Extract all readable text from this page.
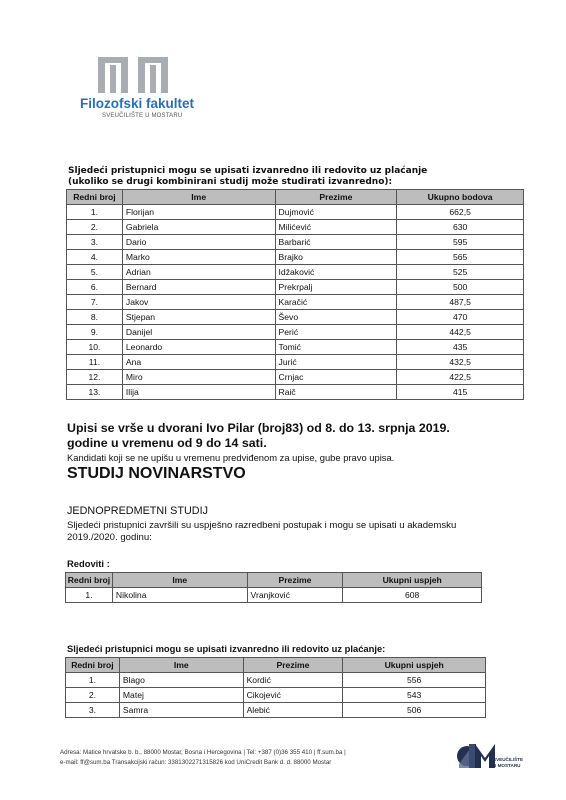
Filozofski fakultet
SVEUČILIŠTE U MOSTARU
Sljedeći pristupnici mogu se upisati izvanredno ili redovito uz plaćanje (ukoliko se drugi kombinirani studij može studirati izvanredno):
Redni broj	Ime	Prezime	Ukupno bodova
1.	Florijan	Dujmović	662,5
2.	Gabriela	Milićević	630
3.	Dario	Barbarić	595
4.	Marko	Brajko	565
5.	Adrian	Idžaković	525
6.	Bernard	Prekrpalj	500
7.	Jakov	Karačić	487,5
8.	Stjepan	Ševo	470
9.	Danijel	Perić	442,5
10.	Leonardo	Tomić	435
11.	Ana	Jurić	432,5
12.	Miro	Crnjac	422,5
13.	Ilija	Raič	415
Upisi se vrše u dvorani Ivo Pilar (broj83) od 8. do 13. srpnja 2019. godine u vremenu od 9 do 14 sati.
Kandidati koji se ne upišu u vremenu predviđenom za upise, gube pravo upisa.
STUDIJ NOVINARSTVO
JEDNOPREDMETNI STUDIJ
Sljedeći pristupnici završili su uspješno razredbeni postupak i mogu se upisati u akademsku 2019./2020. godinu:
Redoviti :
Redni broj	Ime	Prezime	Ukupni uspjeh
1.	Nikolina	Vranjković	608
Sljedeći pristupnici mogu se upisati izvanredno ili redovito uz plaćanje:
Redni broj	Ime	Prezime	Ukupni uspjeh
1.	Blago	Kordić	556
2.	Matej	Cikojević	543
3.	Samra	Alebić	506
Adresa: Matice hrvatske b. b., 88000 Mostar, Bosna i Hercegovina | Tel: +387 (0)36 355 410 | ff.sum.ba |
e-mail: ff@sum.ba Transakcijski račun: 3381302271315826 kod UniCredit Bank d. d. 88000 Mostar	SVEUČILIŠTE U MOSTARU
